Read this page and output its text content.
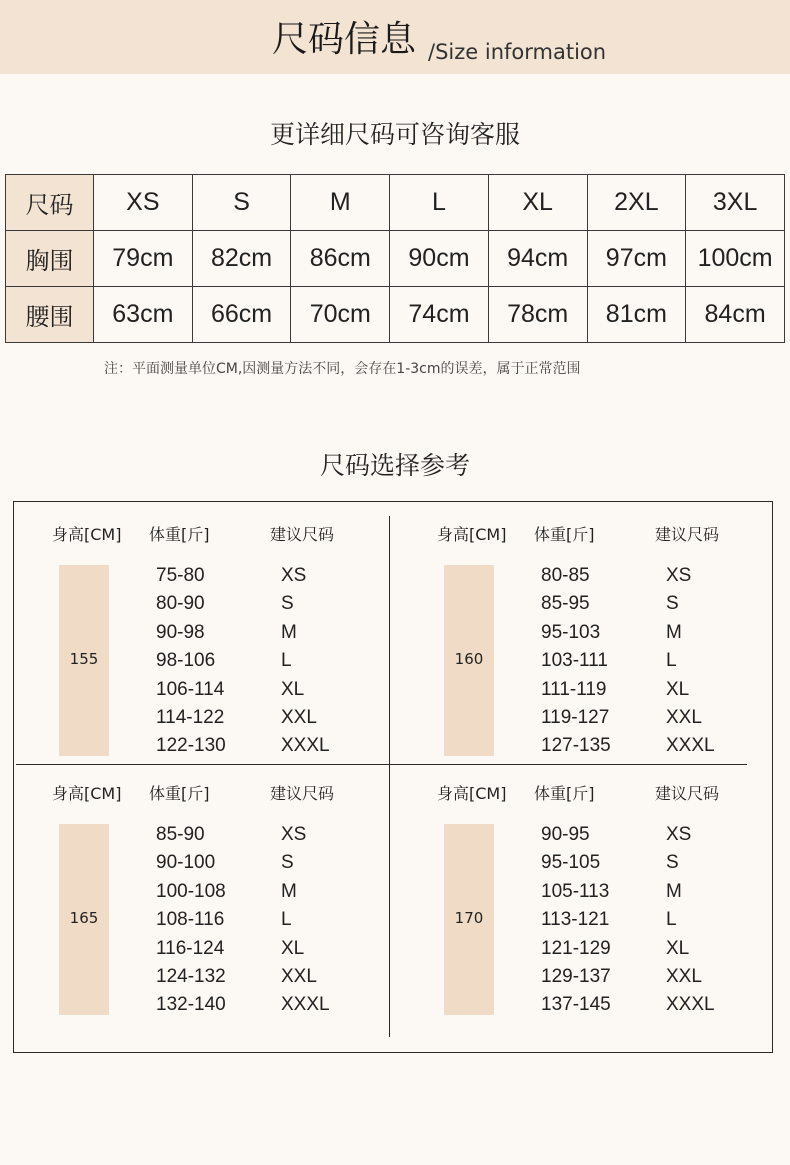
尺码信息 /Size information
更详细尺码可咨询客服
尺码	XS	S	M	L	XL	2XL	3XL
胸围	79cm	82cm	86cm	90cm	94cm	97cm	100cm
腰围	63cm	66cm	70cm	74cm	78cm	81cm	84cm
注：平面测量单位CM,因测量方法不同，会存在1-3cm的误差，属于正常范围
尺码选择参考
身高[CM] 体重[斤]	建议尺码
155
75-80	XS
80-90	S
90-98	M
98-106	L
106-114	XL
114-122	XXL
122-130	XXXL
身高[CM] 体重[斤]	建议尺码
160
80-85	XS
85-95	S
95-103	M
103-111	L
111-119	XL
119-127	XXL
127-135	XXXL
身高[CM] 体重[斤]	建议尺码
165
85-90	XS
90-100	S
100-108	M
108-116	L
116-124	XL
124-132	XXL
132-140	XXXL
身高[CM] 体重[斤]	建议尺码
170
90-95	XS
95-105	S
105-113	M
113-121	L
121-129	XL
129-137	XXL
137-145	XXXL
